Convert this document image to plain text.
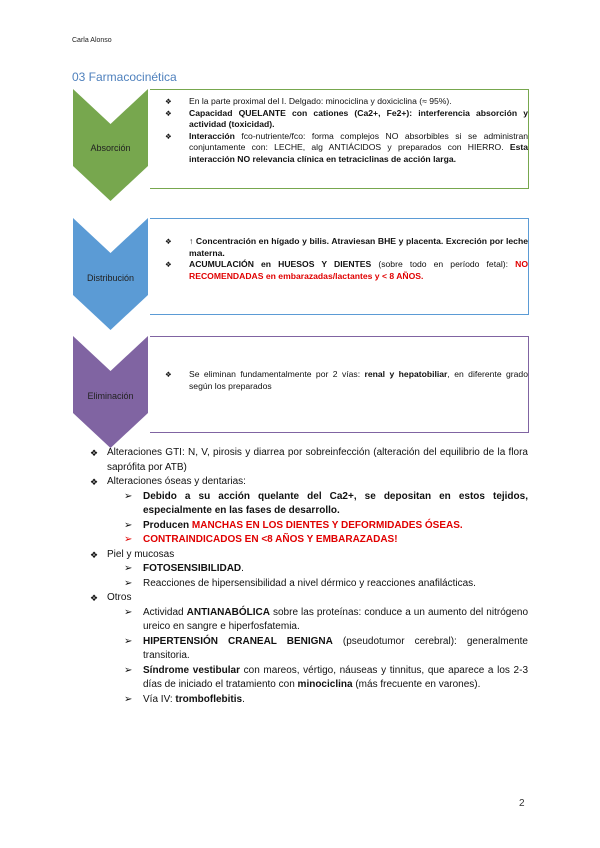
Carla Alonso
03 Farmacocinética
Absorción
❖ En la parte proximal del I. Delgado: minociclina y doxiciclina (≈ 95%).
❖ Capacidad QUELANTE con cationes (Ca2+, Fe2+): interferencia absorción y actividad (toxicidad).
❖ Interacción fco-nutriente/fco: forma complejos NO absorbibles si se administran conjuntamente con: LECHE, alg ANTIÁCIDOS y preparados con HIERRO. Esta interacción NO relevancia clínica en tetraciclinas de acción larga.
Distribución
❖ ↑ Concentración en hígado y bilis. Atraviesan BHE y placenta. Excreción por leche materna.
❖ ACUMULACIÓN en HUESOS Y DIENTES (sobre todo en período fetal): NO RECOMENDADAS en embarazadas/lactantes y < 8 AÑOS.
Eliminación
❖ Se eliminan fundamentalmente por 2 vías: renal y hepatobiliar, en diferente grado según los preparados
❖ Alteraciones GTI: N, V, pirosis y diarrea por sobreinfección (alteración del equilibrio de la flora saprófita por ATB)
❖ Alteraciones óseas y dentarias:
➢ Debido a su acción quelante del Ca2+, se depositan en estos tejidos, especialmente en las fases de desarrollo.
➢ Producen MANCHAS EN LOS DIENTES Y DEFORMIDADES ÓSEAS.
➢ CONTRAINDICADOS EN <8 AÑOS Y EMBARAZADAS!
❖ Piel y mucosas
➢ FOTOSENSIBILIDAD.
➢ Reacciones de hipersensibilidad a nivel dérmico y reacciones anafilácticas.
❖ Otros
➢ Actividad ANTIANABÓLICA sobre las proteínas: conduce a un aumento del nitrógeno ureico en sangre e hiperfosfatemia.
➢ HIPERTENSIÓN CRANEAL BENIGNA (pseudotumor cerebral): generalmente transitoria.
➢ Síndrome vestibular con mareos, vértigo, náuseas y tinnitus, que aparece a los 2-3 días de iniciado el tratamiento con minociclina (más frecuente en varones).
➢ Vía IV: tromboflebitis.
2
